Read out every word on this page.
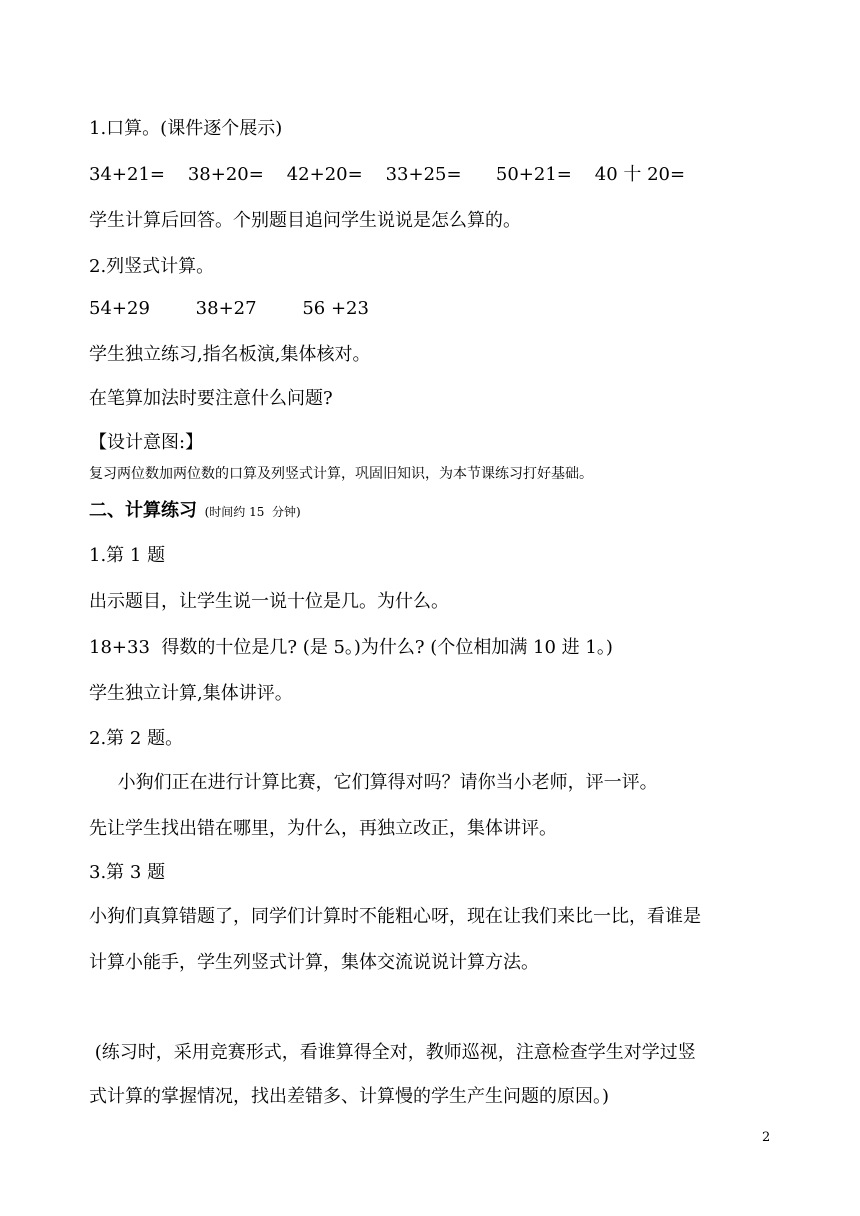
1.口算。(课件逐个展示)
34+21=    38+20=    42+20=    33+25=      50+21=    40 十 20=
学生计算后回答。个别题目追问学生说说是怎么算的。
2.列竖式计算。
54+29        38+27        56 +23
学生独立练习,指名板演,集体核对。
在笔算加法时要注意什么问题?
【设计意图:】
复习两位数加两位数的口算及列竖式计算，巩固旧知识，为本节课练习打好基础。
二、计算练习  (时间约 15  分钟)
1.第 1 题
出示题目，让学生说一说十位是几。为什么。
18+33  得数的十位是几? (是 5。)为什么? (个位相加满 10 进 1。)
学生独立计算,集体讲评。
2.第 2 题。
小狗们正在进行计算比赛，它们算得对吗？请你当小老师，评一评。
先让学生找出错在哪里，为什么，再独立改正，集体讲评。
3.第 3 题
小狗们真算错题了，同学们计算时不能粗心呀，现在让我们来比一比，看谁是
计算小能手，学生列竖式计算，集体交流说说计算方法。
(练习时，采用竞赛形式，看谁算得全对，教师巡视，注意检查学生对学过竖
式计算的掌握情况，找出差错多、计算慢的学生产生问题的原因。)
2
